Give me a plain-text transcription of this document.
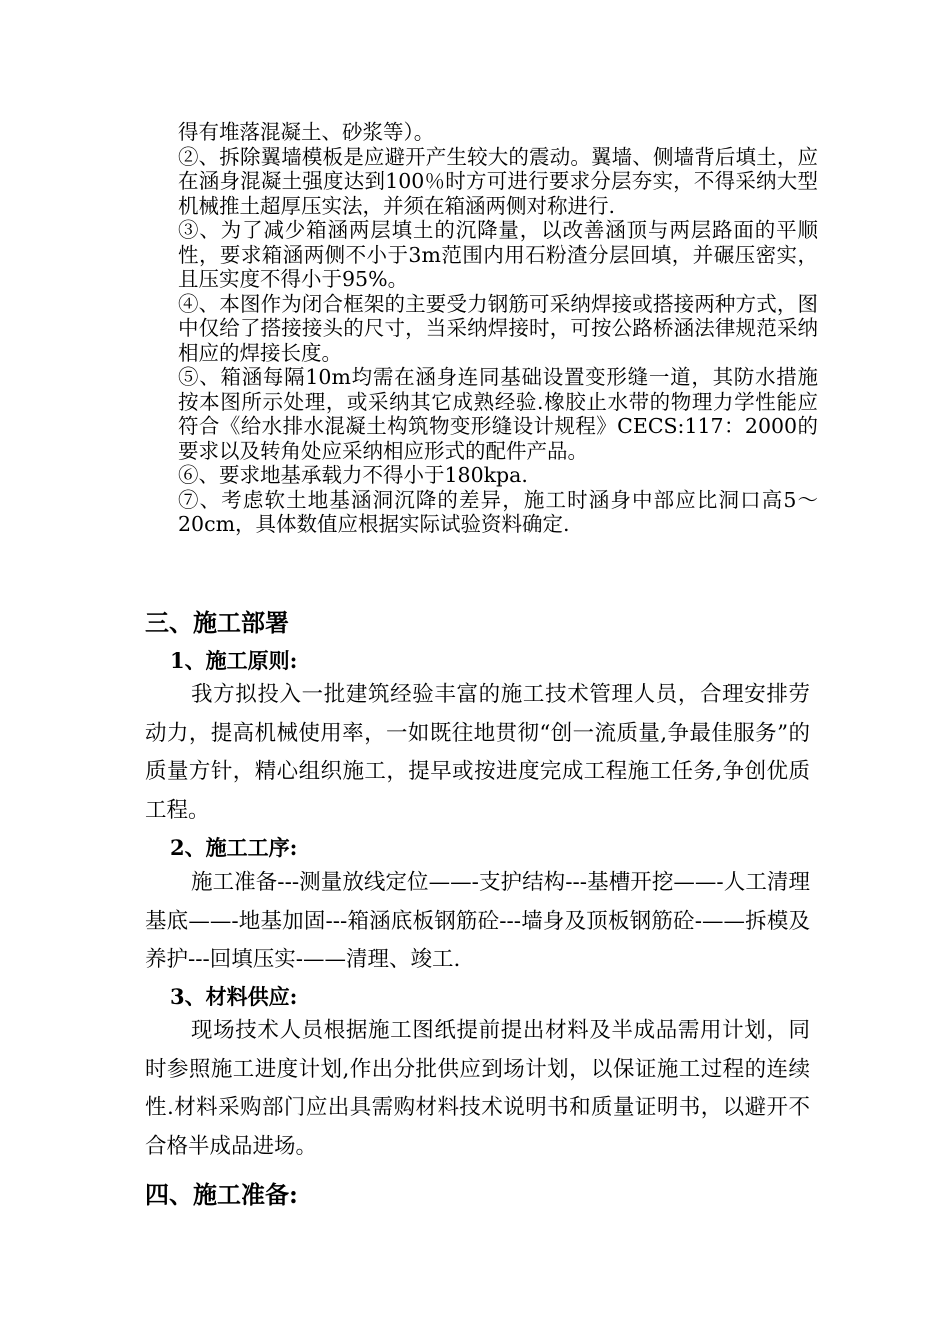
得有堆落混凝土、砂浆等）。

②、拆除翼墙模板是应避开产生较大的震动。翼墙、侧墙背后填土，应在涵身混凝土强度达到100％时方可进行要求分层夯实，不得采纳大型机械推土超厚压实法，并须在箱涵两侧对称进行.

③、为了减少箱涵两层填土的沉降量，以改善涵顶与两层路面的平顺性，要求箱涵两侧不小于3m范围内用石粉渣分层回填，并碾压密实，且压实度不得小于95%。

④、本图作为闭合框架的主要受力钢筋可采纳焊接或搭接两种方式，图中仅给了搭接接头的尺寸，当采纳焊接时，可按公路桥涵法律规范采纳相应的焊接长度。

⑤、箱涵每隔10m均需在涵身连同基础设置变形缝一道，其防水措施按本图所示处理，或采纳其它成熟经验.橡胶止水带的物理力学性能应符合《给水排水混凝土构筑物变形缝设计规程》CECS:117：2000的要求以及转角处应采纳相应形式的配件产品。

⑥、要求地基承载力不得小于180kpa.

⑦、考虑软土地基涵洞沉降的差异，施工时涵身中部应比洞口高5～20cm，具体数值应根据实际试验资料确定.

三、施工部署
1、施工原则:

我方拟投入一批建筑经验丰富的施工技术管理人员，合理安排劳动力，提高机械使用率，一如既往地贯彻“创一流质量,争最佳服务”的质量方针，精心组织施工，提早或按进度完成工程施工任务,争创优质工程。

2、施工工序:

施工准备---测量放线定位——-支护结构---基槽开挖——-人工清理基底——-地基加固---箱涵底板钢筋砼---墙身及顶板钢筋砼-——拆模及养护---回填压实-——清理、竣工.

3、材料供应:

现场技术人员根据施工图纸提前提出材料及半成品需用计划，同时参照施工进度计划,作出分批供应到场计划，以保证施工过程的连续性.材料采购部门应出具需购材料技术说明书和质量证明书，以避开不合格半成品进场。

四、施工准备:
